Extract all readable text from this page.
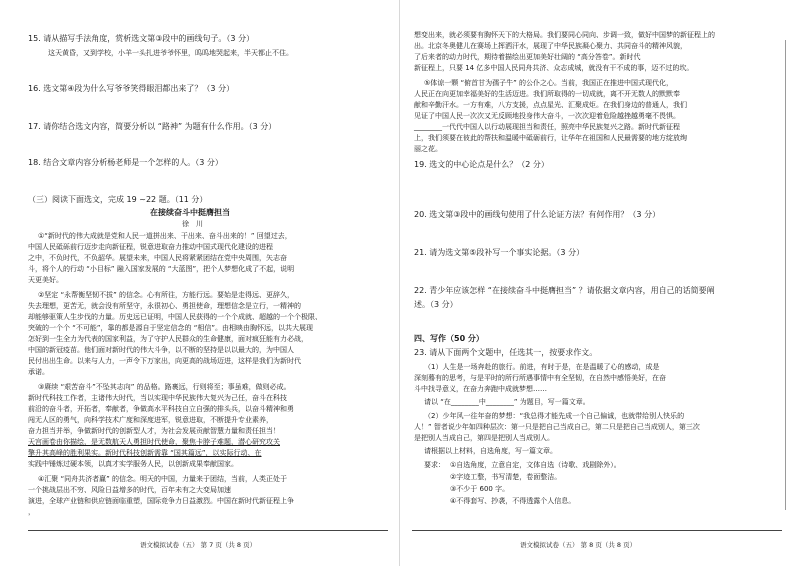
15. 请从描写手法角度，赏析选文第③段中的画线句子。（3 分）
这天黄昏，又到学校，小羊一头扎进爷爷怀里，呜呜地哭起来，半天都止不住。
16. 选文第④段为什么写爷爷笑得眼泪都出来了？（3 分）
17. 请你结合选文内容，简要分析以 “路神” 为题有什么作用。（3 分）
18. 结合文章内容分析杨老师是一个怎样的人。（3 分）
（三）阅读下面选文，完成 19 ~22 题。（11 分）
在接续奋斗中挺膺担当
徐　川
①“新时代的伟大成就是党和人民一道拼出来、干出来、奋斗出来的！” 回望过去，
中国人民砥砾前行迈步走向新征程，锐意进取奋力推动中国式现代化建设的进程
之中，不负时代，不负韶华。展望未来，中国人民将紧紧团结在党中央周围，矢志奋
斗，将个人的行动 “小目标” 融入国家发展的 “大蓝图”，把个人梦想化成了不起，说明
天更美好。
②坚定 “永帮衡坚韧不拔” 的信念。心有所往，方能行远。要始是走得远、更辞久，
失去理想，更苦无，就会没有所坚守，永很初心、勇担使命，理想信念是立行，一精神的
却能够驱策人生步伐的力量。历史远已证明，中国人民获得的一个个成就、超越的一个个极限、
突破的一个个 “不可能”，靠的都是源自于坚定信念的 “相信”。由相映由胸怀远，以共大展现
怎好到一生全力为代表的国家利益，为了守护人民群众的生命健康，面对疯狂能有力必战，
中国的新冠疫苗。他们面对新时代的伟大斗争，以不断的坚持是以以最大的，为中国人
民付出出生命。以来与人力，一声令下万家出，向更高的战场迈进，这样是我们为新时代
承诺。
③赓续 “艰苦奋斗”不坠其志向” 的品格。路裏远，行则将至；事虽难，做则必成。
新时代科技工作者，主诸伟大时代，当以实现中华民族伟大复兴为己任，奋斗在科技
前沿的奋斗者，开拓者，奉献者，争做高水平科技自立自强的排头兵，以奋斗精神和勇
闯无人区的勇气，向科学技术广度和深度进军，锐意进取，不断提升专业素养，
奋力担当并举，争做新时代的创新型人才，为社会发展贡献智慧力量和责任担当！
天宫画卷由你描绘，是无数航天人勇担时代使命，聚焦卡脖子难题，潜心研究攻关
擎升其高峰的胜利果实。新时代科技创新需靠 “国其篇远”，以实际行动、在
实践中锤炼过硬本领，以真才实学服务人民，以创新成果奉献国家。
④汇聚 “同舟共济者赢” 的信念。明天的中国，力量来于团结，当前，人类正处于
一个挑战层出不穷、风险日益增多的时代，百年未有之大变局加速
演进，全球产业链和供应链面临重塑，国际竞争力日益激烈。中国在新时代新征程上争
，
语文模拟试卷（五） 第 7 页（共 8 页）
想变出来，就必须要有胸怀天下的大格局。我们要同心同向、步调一致，做好中国梦的新征程上的
出。北京冬奥健儿在赛场上挥洒汗水，展现了中华民族凝心聚力、共同奋斗的精神风貌，
了后来者的动力时代，期待着描绘出更加美好壮阔的 “高分答卷”。新时代
新征程上，只要 14 亿多中国人民同舟共济、众志成城，就没有干不成的事，迈不过的坎。
⑤体谅一颗 “俯首甘为孺子牛” 的公仆之心。当前，我国正在推进中国式现代化，
人民正在向更加幸福美好的生活迈进。我们所取得的一切成就，离不开无数人的默默奉
献和辛勤汗水。一方有难，八方支援，点点星光、汇聚成炬。在我们身边的普通人，我们
见证了中国人民一次次又无反顾地投身伟大奋斗，一次次迎着危险越挫越勇毫不畏惧。
________一代代中国人以行动展现担当和责任，照亮中华民族复兴之路。新时代新征程
上，我们须要在彼此的帮扶和温暖中砥砺前行，让华年在祖国和人民最需要的地方绽放绚
丽之花。
19. 选文的中心论点是什么？（2 分）
20. 选文第③段中的画线句使用了什么论证方法？有何作用？（3 分）
21. 请为选文第⑤段补写一个事实论据。（3 分）
22. 青少年应该怎样 “在接续奋斗中挺膺担当” ？请依据文章内容，用自己的话简要阐
述。（3 分）
四、写作（50 分）
23. 请从下面两个文题中，任选其一，按要求作文。
（1）人生是一场奔赴的旅行。前进，有时于是，在是温暖了心的感动，成是
深刻蓦有的思考，与是平时的所行所遇事情中有全坚韧，在自然中感悟美好，在奋
斗中找寻意义，在奋力奔跑中成就梦想……
请以 “在________中________” 为题目，写一篇文章。
（2）少年风一往年奋的梦想：“我总得才能先成一个自己偏诚，也就带给别人快乐的
人！” 智者说少年如四种层次：第一只是把自己当成自己，第二只是把自己当成别人，第三次
是把别人当成自己，第四是把别人当成别人。
请根据以上材料，自选角度，写一篇文章。
要求： ①自选角度，立意自定，文体自选（诗歌、戏剧除外）。
②字迹工整，书写清楚，卷面整洁。
③不少于 600 字。
④不得套写、抄袭，不得透露个人信息。
语文模拟试卷（五） 第 8 页（共 8 页）
